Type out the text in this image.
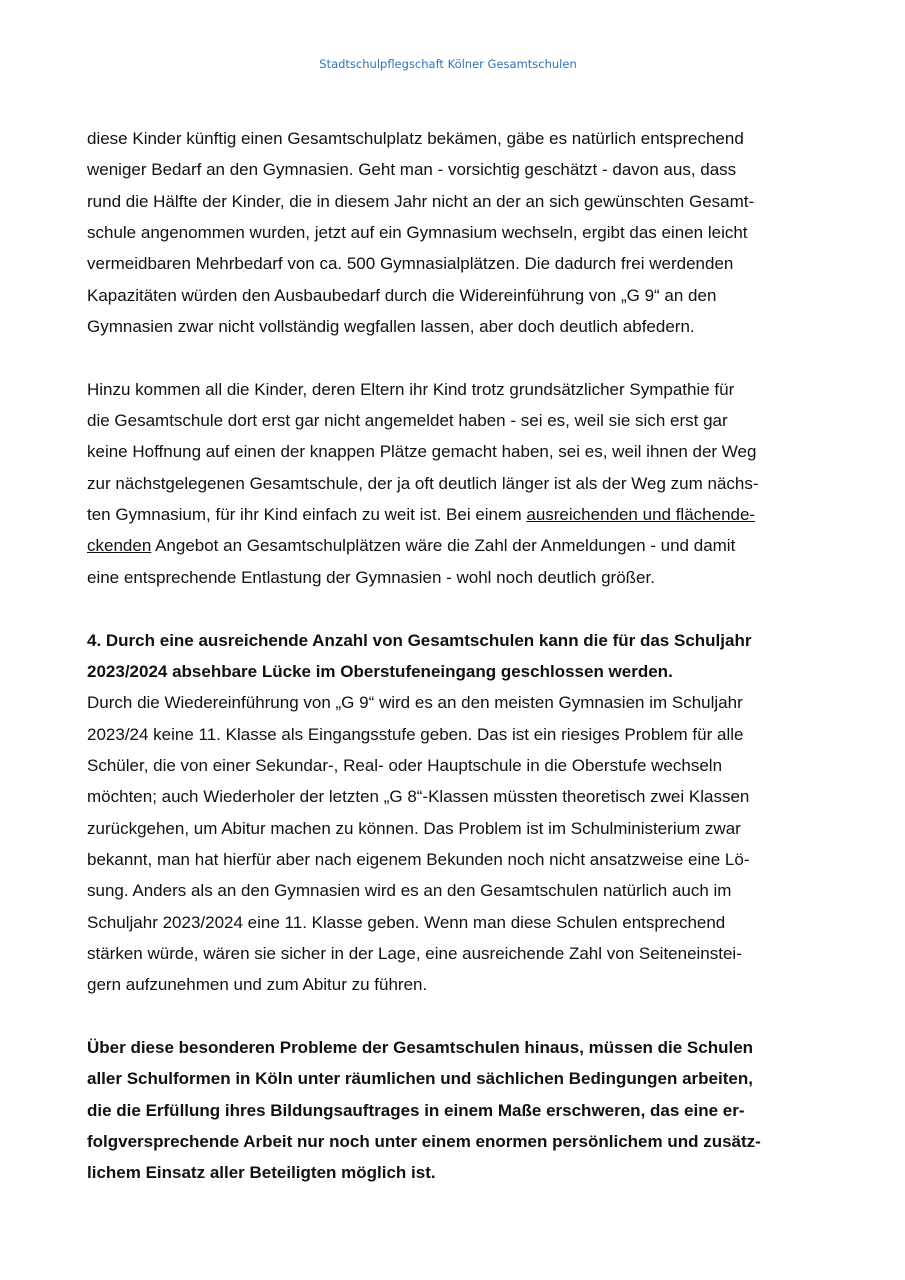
Stadtschulpflegschaft Kölner Gesamtschulen
diese Kinder künftig einen Gesamtschulplatz bekämen, gäbe es natürlich entsprechend
weniger Bedarf an den Gymnasien. Geht man - vorsichtig geschätzt - davon aus, dass
rund die Hälfte der Kinder, die in diesem Jahr nicht an der an sich gewünschten Gesamt-
schule angenommen wurden, jetzt auf ein Gymnasium wechseln, ergibt das einen leicht
vermeidbaren Mehrbedarf von ca. 500 Gymnasialplätzen. Die dadurch frei werdenden
Kapazitäten würden den Ausbaubedarf durch die Widereinführung von „G 9“ an den
Gymnasien zwar nicht vollständig wegfallen lassen, aber doch deutlich abfedern.
Hinzu kommen all die Kinder, deren Eltern ihr Kind trotz grundsätzlicher Sympathie für
die Gesamtschule dort erst gar nicht angemeldet haben - sei es, weil sie sich erst gar
keine Hoffnung auf einen der knappen Plätze gemacht haben, sei es, weil ihnen der Weg
zur nächstgelegenen Gesamtschule, der ja oft deutlich länger ist als der Weg zum nächs-
ten Gymnasium, für ihr Kind einfach zu weit ist. Bei einem ausreichenden und flächende-
ckenden Angebot an Gesamtschulplätzen wäre die Zahl der Anmeldungen - und damit
eine entsprechende Entlastung der Gymnasien - wohl noch deutlich größer.
4. Durch eine ausreichende Anzahl von Gesamtschulen kann die für das Schuljahr
2023/2024 absehbare Lücke im Oberstufeneingang geschlossen werden.
Durch die Wiedereinführung von „G 9“ wird es an den meisten Gymnasien im Schuljahr
2023/24 keine 11. Klasse als Eingangsstufe geben. Das ist ein riesiges Problem für alle
Schüler, die von einer Sekundar-, Real- oder Hauptschule in die Oberstufe wechseln
möchten; auch Wiederholer der letzten „G 8“-Klassen müssten theoretisch zwei Klassen
zurückgehen, um Abitur machen zu können. Das Problem ist im Schulministerium zwar
bekannt, man hat hierfür aber nach eigenem Bekunden noch nicht ansatzweise eine Lö-
sung. Anders als an den Gymnasien wird es an den Gesamtschulen natürlich auch im
Schuljahr 2023/2024 eine 11. Klasse geben. Wenn man diese Schulen entsprechend
stärken würde, wären sie sicher in der Lage, eine ausreichende Zahl von Seiteneinstei-
gern aufzunehmen und zum Abitur zu führen.
Über diese besonderen Probleme der Gesamtschulen hinaus, müssen die Schulen
aller Schulformen in Köln unter räumlichen und sächlichen Bedingungen arbeiten,
die die Erfüllung ihres Bildungsauftrages in einem Maße erschweren, das eine er-
folgversprechende Arbeit nur noch unter einem enormen persönlichem und zusätz-
lichem Einsatz aller Beteiligten möglich ist.
